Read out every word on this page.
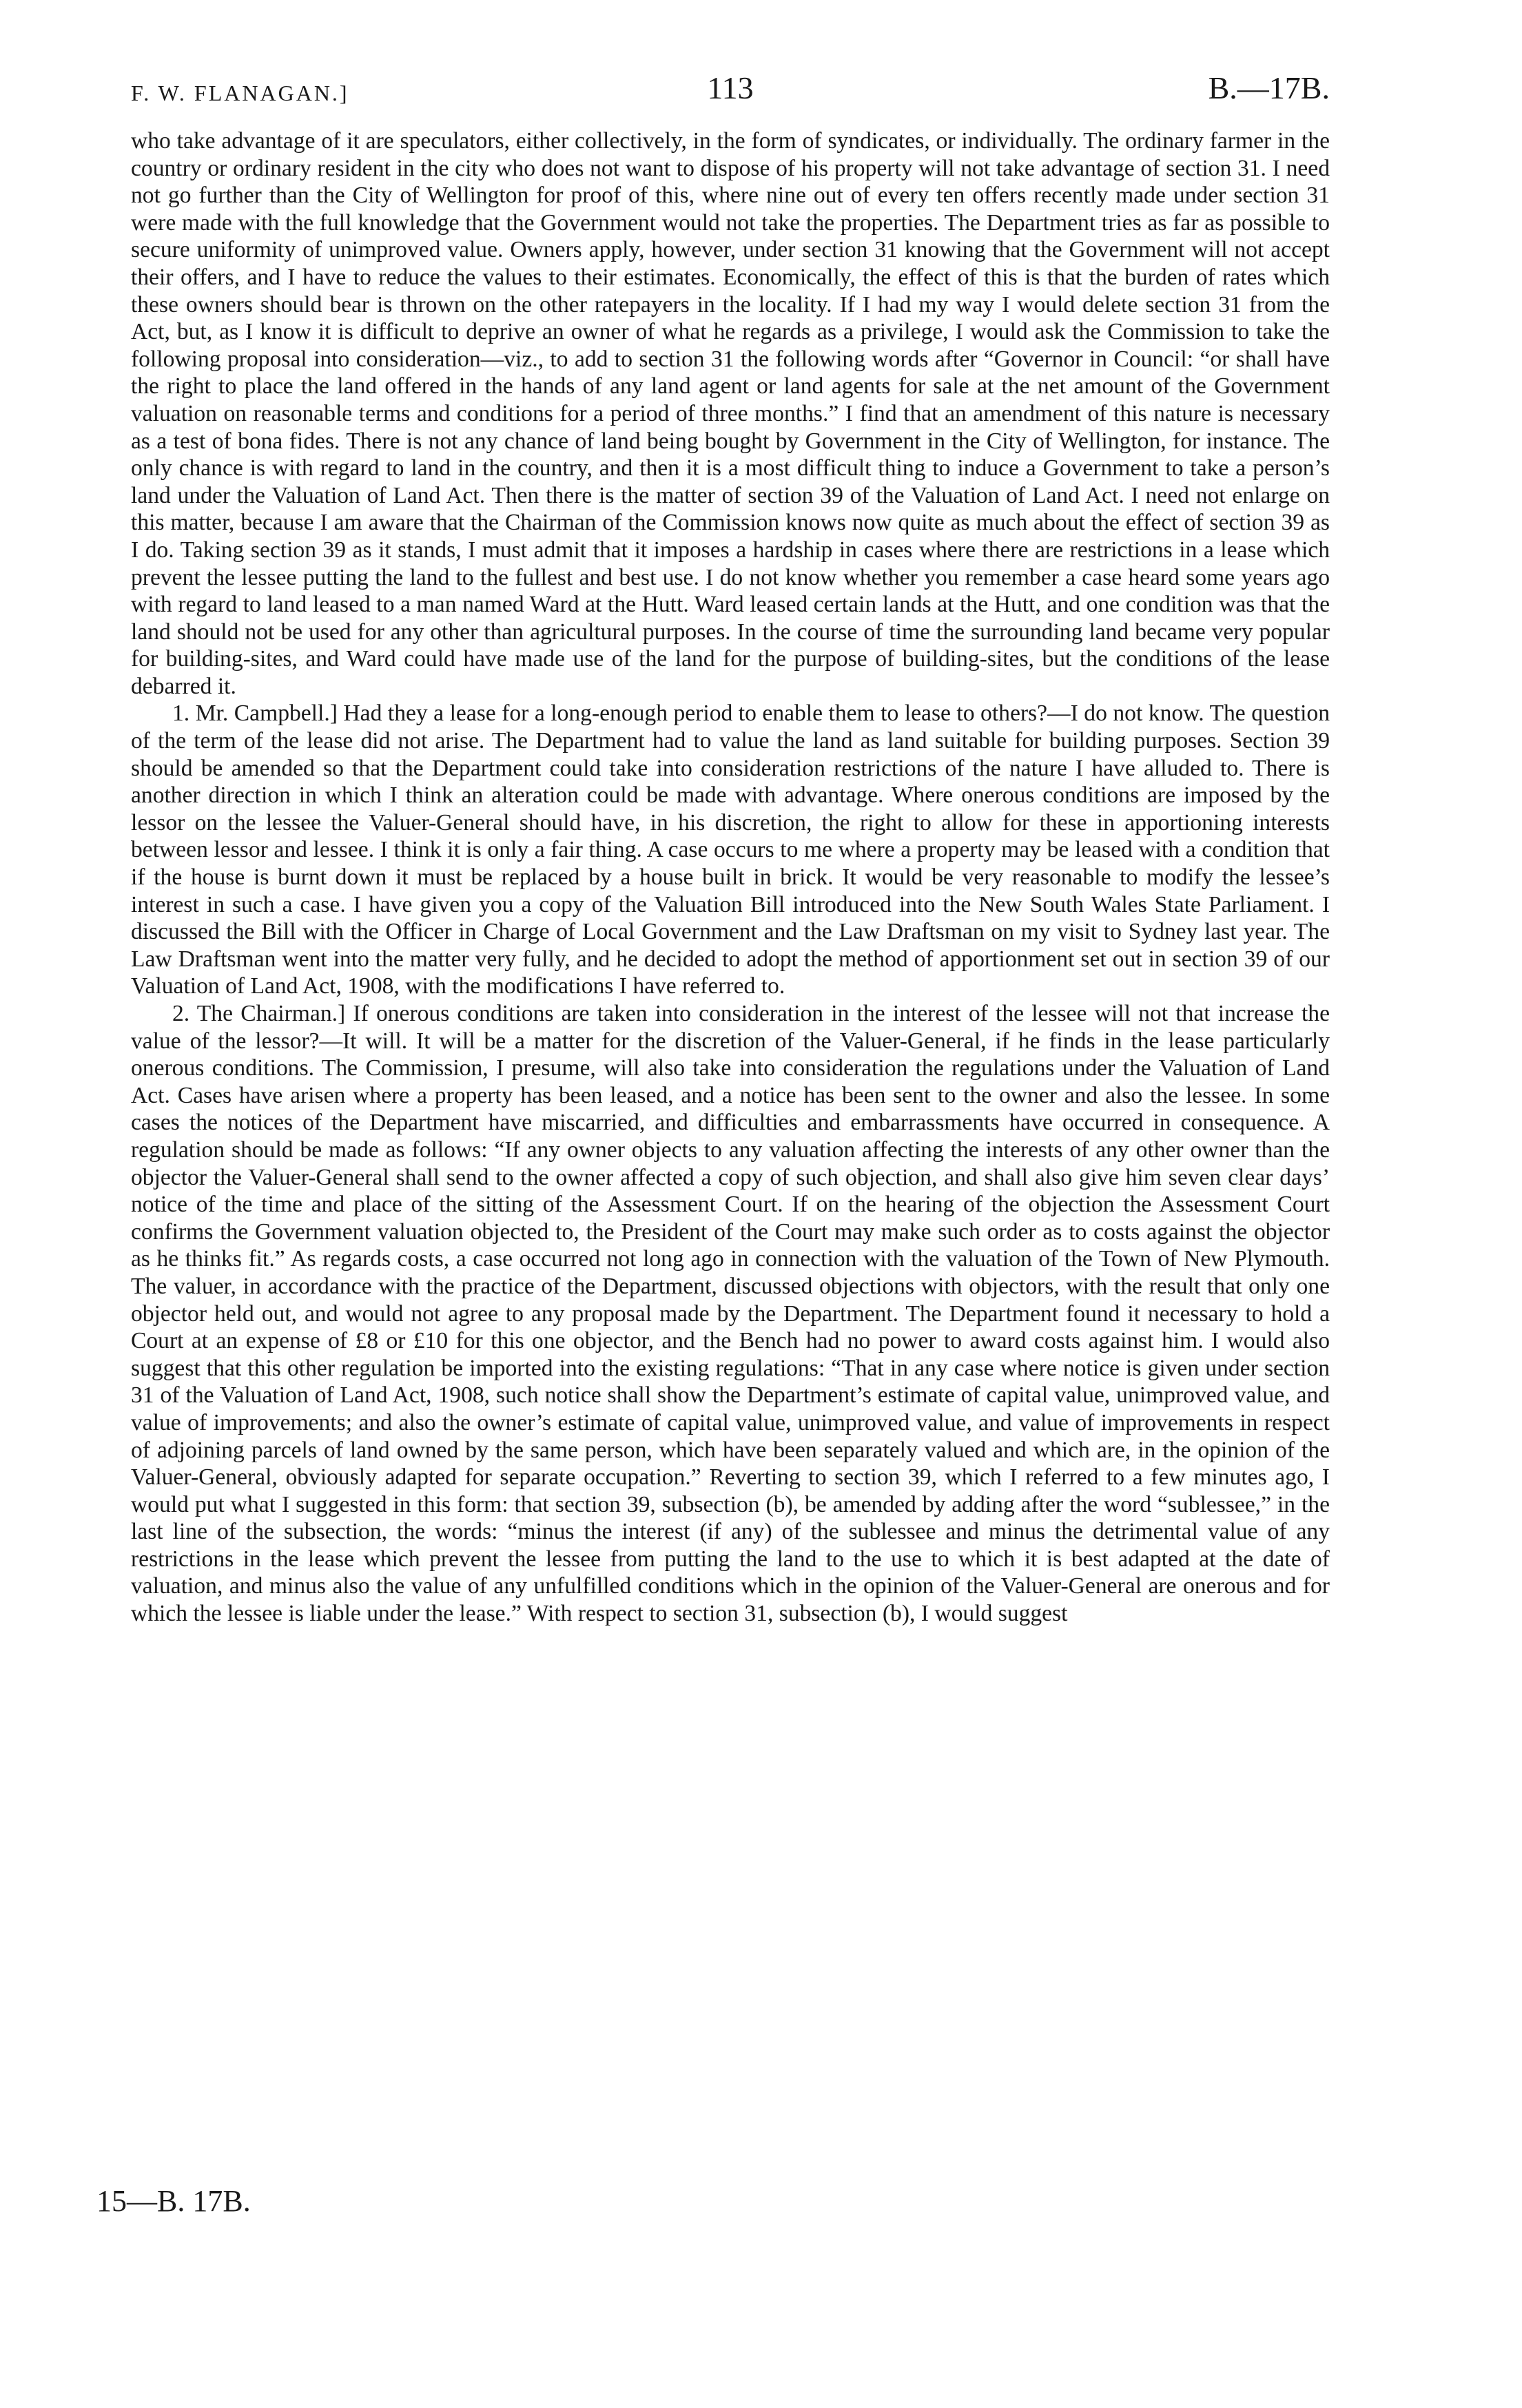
F. W. FLANAGAN.]	113	B.—17B.

who take advantage of it are speculators, either collectively, in the form of syndicates, or individually. The ordinary farmer in the country or ordinary resident in the city who does not want to dispose of his property will not take advantage of section 31. I need not go further than the City of Wellington for proof of this, where nine out of every ten offers recently made under section 31 were made with the full knowledge that the Government would not take the properties. The Department tries as far as possible to secure uniformity of unimproved value. Owners apply, however, under section 31 knowing that the Government will not accept their offers, and I have to reduce the values to their estimates. Economically, the effect of this is that the burden of rates which these owners should bear is thrown on the other ratepayers in the locality. If I had my way I would delete section 31 from the Act, but, as I know it is difficult to deprive an owner of what he regards as a privilege, I would ask the Commission to take the following proposal into consideration—viz., to add to section 31 the following words after “Governor in Council: “or shall have the right to place the land offered in the hands of any land agent or land agents for sale at the net amount of the Government valuation on reasonable terms and conditions for a period of three months.” I find that an amendment of this nature is necessary as a test of bona fides. There is not any chance of land being bought by Government in the City of Wellington, for instance. The only chance is with regard to land in the country, and then it is a most difficult thing to induce a Government to take a person’s land under the Valuation of Land Act. Then there is the matter of section 39 of the Valuation of Land Act. I need not enlarge on this matter, because I am aware that the Chairman of the Commission knows now quite as much about the effect of section 39 as I do. Taking section 39 as it stands, I must admit that it imposes a hardship in cases where there are restrictions in a lease which prevent the lessee putting the land to the fullest and best use. I do not know whether you remember a case heard some years ago with regard to land leased to a man named Ward at the Hutt. Ward leased certain lands at the Hutt, and one condition was that the land should not be used for any other than agricultural purposes. In the course of time the surrounding land became very popular for building-sites, and Ward could have made use of the land for the purpose of building-sites, but the conditions of the lease debarred it.

1. Mr. Campbell.] Had they a lease for a long-enough period to enable them to lease to others?—I do not know. The question of the term of the lease did not arise. The Department had to value the land as land suitable for building purposes. Section 39 should be amended so that the Department could take into consideration restrictions of the nature I have alluded to. There is another direction in which I think an alteration could be made with advantage. Where onerous conditions are imposed by the lessor on the lessee the Valuer-General should have, in his discretion, the right to allow for these in apportioning interests between lessor and lessee. I think it is only a fair thing. A case occurs to me where a property may be leased with a condition that if the house is burnt down it must be replaced by a house built in brick. It would be very reasonable to modify the lessee’s interest in such a case. I have given you a copy of the Valuation Bill introduced into the New South Wales State Parliament. I discussed the Bill with the Officer in Charge of Local Government and the Law Draftsman on my visit to Sydney last year. The Law Draftsman went into the matter very fully, and he decided to adopt the method of apportionment set out in section 39 of our Valuation of Land Act, 1908, with the modifications I have referred to.

2. The Chairman.] If onerous conditions are taken into consideration in the interest of the lessee will not that increase the value of the lessor?—It will. It will be a matter for the discretion of the Valuer-General, if he finds in the lease particularly onerous conditions. The Commission, I presume, will also take into consideration the regulations under the Valuation of Land Act. Cases have arisen where a property has been leased, and a notice has been sent to the owner and also the lessee. In some cases the notices of the Department have miscarried, and difficulties and embarrassments have occurred in consequence. A regulation should be made as follows: “If any owner objects to any valuation affecting the interests of any other owner than the objector the Valuer-General shall send to the owner affected a copy of such objection, and shall also give him seven clear days’ notice of the time and place of the sitting of the Assessment Court. If on the hearing of the objection the Assessment Court confirms the Government valuation objected to, the President of the Court may make such order as to costs against the objector as he thinks fit.” As regards costs, a case occurred not long ago in connection with the valuation of the Town of New Plymouth. The valuer, in accordance with the practice of the Department, discussed objections with objectors, with the result that only one objector held out, and would not agree to any proposal made by the Department. The Department found it necessary to hold a Court at an expense of £8 or £10 for this one objector, and the Bench had no power to award costs against him. I would also suggest that this other regulation be imported into the existing regulations: “That in any case where notice is given under section 31 of the Valuation of Land Act, 1908, such notice shall show the Department’s estimate of capital value, unimproved value, and value of improvements; and also the owner’s estimate of capital value, unimproved value, and value of improvements in respect of adjoining parcels of land owned by the same person, which have been separately valued and which are, in the opinion of the Valuer-General, obviously adapted for separate occupation.” Reverting to section 39, which I referred to a few minutes ago, I would put what I suggested in this form: that section 39, subsection (b), be amended by adding after the word “sublessee,” in the last line of the subsection, the words: “minus the interest (if any) of the sublessee and minus the detrimental value of any restrictions in the lease which prevent the lessee from putting the land to the use to which it is best adapted at the date of valuation, and minus also the value of any unfulfilled conditions which in the opinion of the Valuer-General are onerous and for which the lessee is liable under the lease.” With respect to section 31, subsection (b), I would suggest

15—B. 17B.
